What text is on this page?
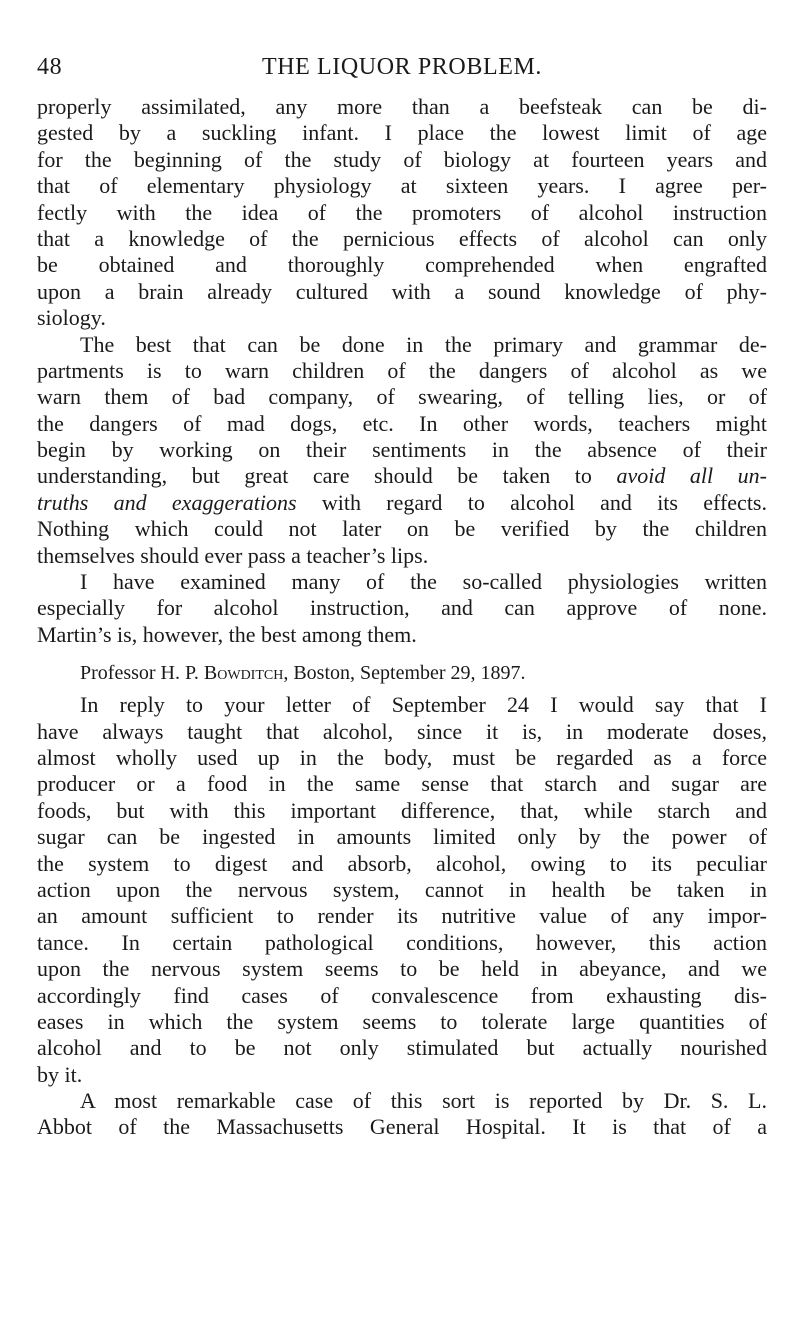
48	THE LIQUOR PROBLEM.
properly assimilated, any more than a beefsteak can be di-
gested by a suckling infant. I place the lowest limit of age
for the beginning of the study of biology at fourteen years and
that of elementary physiology at sixteen years. I agree per-
fectly with the idea of the promoters of alcohol instruction
that a knowledge of the pernicious effects of alcohol can only
be obtained and thoroughly comprehended when engrafted
upon a brain already cultured with a sound knowledge of phy-
siology.
The best that can be done in the primary and grammar de-
partments is to warn children of the dangers of alcohol as we
warn them of bad company, of swearing, of telling lies, or of
the dangers of mad dogs, etc. In other words, teachers might
begin by working on their sentiments in the absence of their
understanding, but great care should be taken to avoid all un-
truths and exaggerations with regard to alcohol and its effects.
Nothing which could not later on be verified by the children
themselves should ever pass a teacher’s lips.
I have examined many of the so-called physiologies written
especially for alcohol instruction, and can approve of none.
Martin’s is, however, the best among them.
Professor H. P. Bowditch, Boston, September 29, 1897.
In reply to your letter of September 24 I would say that I
have always taught that alcohol, since it is, in moderate doses,
almost wholly used up in the body, must be regarded as a force
producer or a food in the same sense that starch and sugar are
foods, but with this important difference, that, while starch and
sugar can be ingested in amounts limited only by the power of
the system to digest and absorb, alcohol, owing to its peculiar
action upon the nervous system, cannot in health be taken in
an amount sufficient to render its nutritive value of any impor-
tance. In certain pathological conditions, however, this action
upon the nervous system seems to be held in abeyance, and we
accordingly find cases of convalescence from exhausting dis-
eases in which the system seems to tolerate large quantities of
alcohol and to be not only stimulated but actually nourished
by it.
A most remarkable case of this sort is reported by Dr. S. L.
Abbot of the Massachusetts General Hospital. It is that of a
